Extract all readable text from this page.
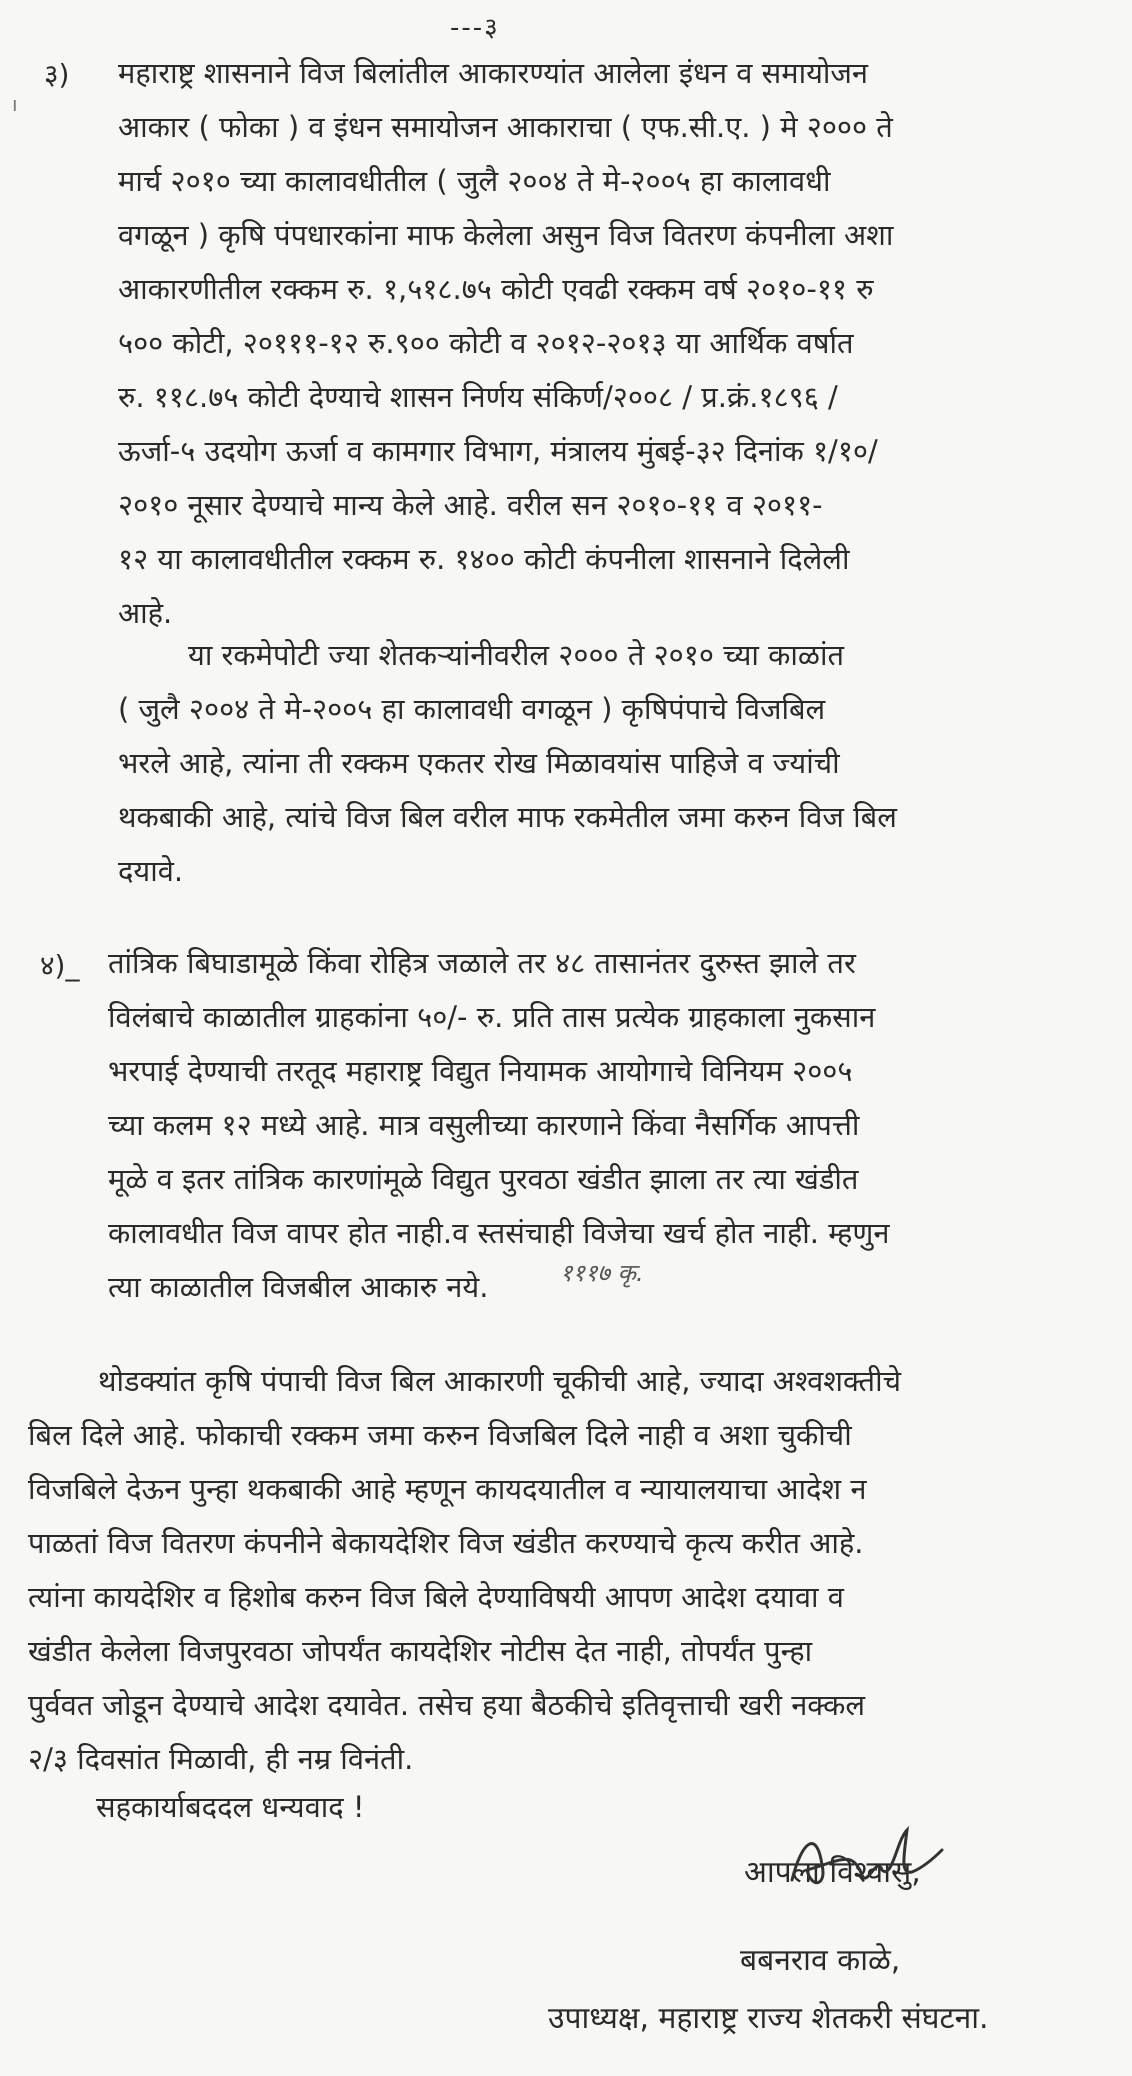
ı
---३
३) महाराष्ट्र शासनाने विज बिलांतील आकारण्यांत आलेला इंधन व समायोजन
आकार ( फोका ) व इंधन समायोजन आकाराचा ( एफ.सी.ए. ) मे २००० ते
मार्च २०१० च्या कालावधीतील ( जुलै २००४ ते मे-२००५ हा कालावधी
वगळून ) कृषि पंपधारकांना माफ केलेला असुन विज वितरण कंपनीला अशा
आकारणीतील रक्कम रु. १,५१८.७५ कोटी एवढी रक्कम वर्ष २०१०-११ रु
५०० कोटी, २०१११-१२ रु.९०० कोटी व २०१२-२०१३ या आर्थिक वर्षात
रु. ११८.७५ कोटी देण्याचे शासन निर्णय संकिर्ण/२००८ / प्र.क्रं.१८९६ /
ऊर्जा-५ उदयोग ऊर्जा व कामगार विभाग, मंत्रालय मुंबई-३२ दिनांक १/१०/
२०१० नूसार देण्याचे मान्य केले आहे. वरील सन २०१०-११ व २०११-
१२ या कालावधीतील रक्कम रु. १४०० कोटी कंपनीला शासनाने दिलेली
आहे.
या रकमेपोटी ज्या शेतकऱ्यांनीवरील २००० ते २०१० च्या काळांत
( जुलै २००४ ते मे-२००५ हा कालावधी वगळून ) कृषिपंपाचे विजबिल
भरले आहे, त्यांना ती रक्कम एकतर रोख मिळावयांस पाहिजे व ज्यांची
थकबाकी आहे, त्यांचे विज बिल वरील माफ रकमेतील जमा करुन विज बिल
दयावे.
४)_ तांत्रिक बिघाडामूळे किंवा रोहित्र जळाले तर ४८ तासानंतर दुरुस्त झाले तर
विलंबाचे काळातील ग्राहकांना ५०/- रु. प्रति तास प्रत्येक ग्राहकाला नुकसान
भरपाई देण्याची तरतूद महाराष्ट्र विद्युत नियामक आयोगाचे विनियम २००५
च्या कलम १२ मध्ये आहे. मात्र वसुलीच्या कारणाने किंवा नैसर्गिक आपत्ती
मूळे व इतर तांत्रिक कारणांमूळे विद्युत पुरवठा खंडीत झाला तर त्या खंडीत
कालावधीत विज वापर होत नाही.व स्तसंचाही विजेचा खर्च होत नाही. म्हणुन
त्या काळातील विजबील आकारु नये.	१११७ कृ.
थोडक्यांत कृषि पंपाची विज बिल आकारणी चूकीची आहे, ज्यादा अश्वशक्तीचे
बिल दिले आहे. फोकाची रक्कम जमा करुन विजबिल दिले नाही व अशा चुकीची
विजबिले देऊन पुन्हा थकबाकी आहे म्हणून कायदयातील व न्यायालयाचा आदेश न
पाळतां विज वितरण कंपनीने बेकायदेशिर विज खंडीत करण्याचे कृत्य करीत आहे.
त्यांना कायदेशिर व हिशोब करुन विज बिले देण्याविषयी आपण आदेश दयावा व
खंडीत केलेला विजपुरवठा जोपर्यंत कायदेशिर नोटीस देत नाही, तोपर्यंत पुन्हा
पुर्ववत जोडून देण्याचे आदेश दयावेत. तसेच हया बैठकीचे इतिवृत्ताची खरी नक्कल
२/३ दिवसांत मिळावी, ही नम्र विनंती.
सहकार्याबददल धन्यवाद !
आपला विश्वासु,
बबनराव काळे,
उपाध्यक्ष, महाराष्ट्र राज्य शेतकरी संघटना.
